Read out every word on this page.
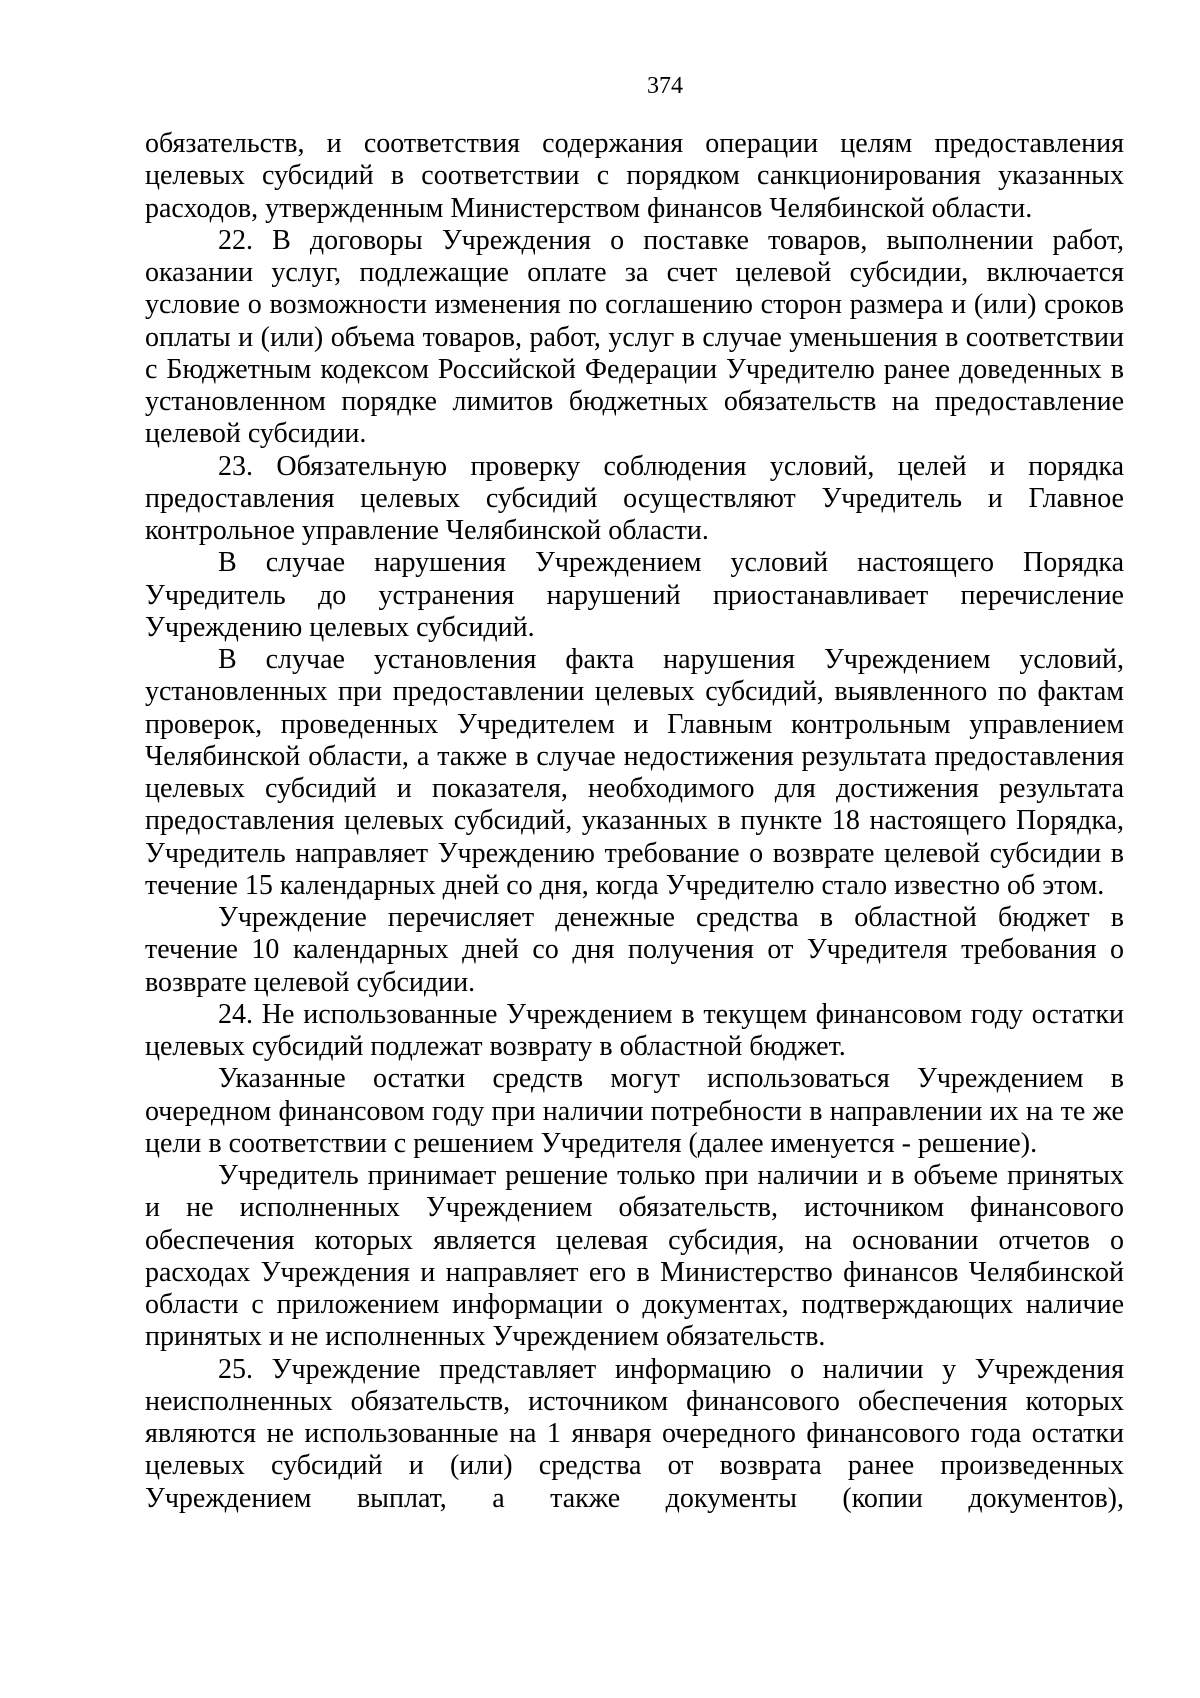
374

обязательств, и соответствия содержания операции целям предоставления целевых субсидий в соответствии с порядком санкционирования указанных расходов, утвержденным Министерством финансов Челябинской области.

22. В договоры Учреждения о поставке товаров, выполнении работ, оказании услуг, подлежащие оплате за счет целевой субсидии, включается условие о возможности изменения по соглашению сторон размера и (или) сроков оплаты и (или) объема товаров, работ, услуг в случае уменьшения в соответствии с Бюджетным кодексом Российской Федерации Учредителю ранее доведенных в установленном порядке лимитов бюджетных обязательств на предоставление целевой субсидии.

23. Обязательную проверку соблюдения условий, целей и порядка предоставления целевых субсидий осуществляют Учредитель и Главное контрольное управление Челябинской области.

В случае нарушения Учреждением условий настоящего Порядка Учредитель до устранения нарушений приостанавливает перечисление Учреждению целевых субсидий.

В случае установления факта нарушения Учреждением условий, установленных при предоставлении целевых субсидий, выявленного по фактам проверок, проведенных Учредителем и Главным контрольным управлением Челябинской области, а также в случае недостижения результата предоставления целевых субсидий и показателя, необходимого для достижения результата предоставления целевых субсидий, указанных в пункте 18 настоящего Порядка, Учредитель направляет Учреждению требование о возврате целевой субсидии в течение 15 календарных дней со дня, когда Учредителю стало известно об этом.

Учреждение перечисляет денежные средства в областной бюджет в течение 10 календарных дней со дня получения от Учредителя требования о возврате целевой субсидии.

24. Не использованные Учреждением в текущем финансовом году остатки целевых субсидий подлежат возврату в областной бюджет.

Указанные остатки средств могут использоваться Учреждением в очередном финансовом году при наличии потребности в направлении их на те же цели в соответствии с решением Учредителя (далее именуется - решение).

Учредитель принимает решение только при наличии и в объеме принятых и не исполненных Учреждением обязательств, источником финансового обеспечения которых является целевая субсидия, на основании отчетов о расходах Учреждения и направляет его в Министерство финансов Челябинской области с приложением информации о документах, подтверждающих наличие принятых и не исполненных Учреждением обязательств.

25. Учреждение представляет информацию о наличии у Учреждения неисполненных обязательств, источником финансового обеспечения которых являются не использованные на 1 января очередного финансового года остатки целевых субсидий и (или) средства от возврата ранее произведенных Учреждением выплат, а также документы (копии документов),
